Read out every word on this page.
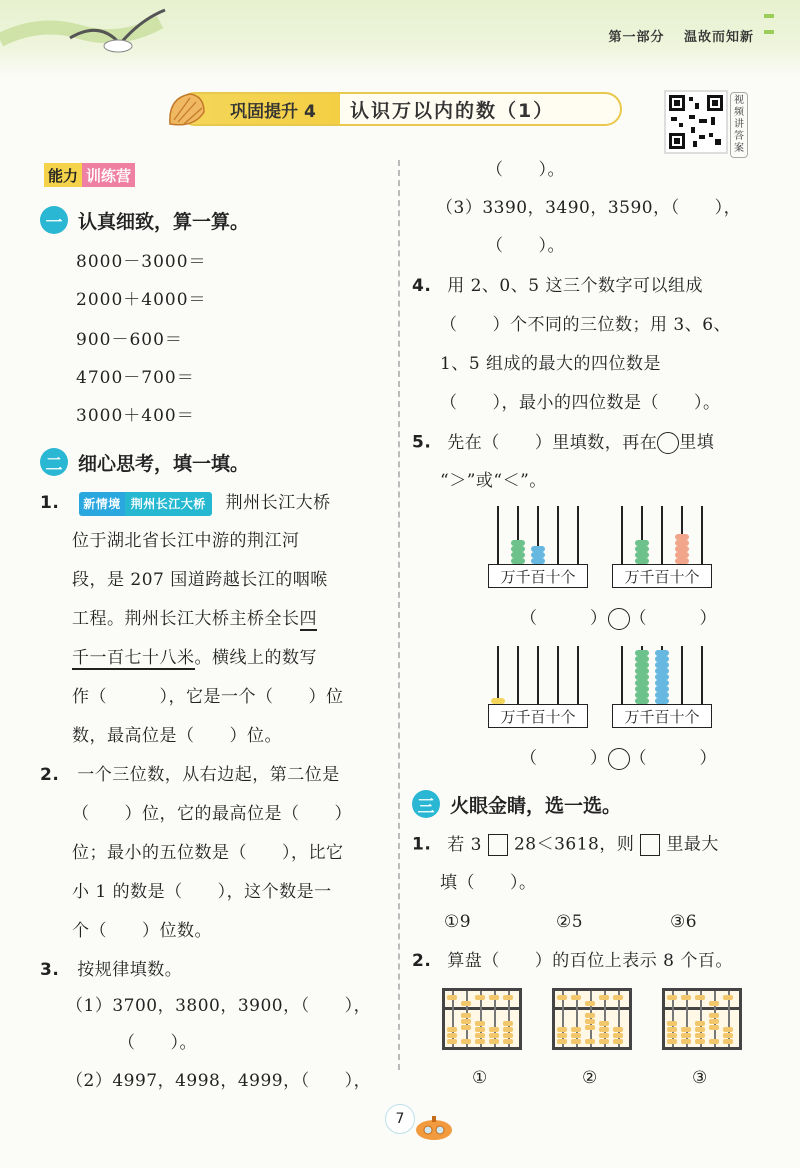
第一部分 温故而知新
巩固提升 4	认识万以内的数（1）	视频讲答案
能力 训练营
一 认真细致，算一算。
8000－3000＝
2000＋4000＝
900－600＝
4700－700＝
3000＋400＝
二 细心思考，填一填。
1. 新情境 荆州长江大桥 荆州长江大桥
位于湖北省长江中游的荆江河
段，是 207 国道跨越长江的咽喉
工程。荆州长江大桥主桥全长四
千一百七十八米。横线上的数写
作（　　　），它是一个（　　）位
数，最高位是（　　）位。
2. 一个三位数，从右边起，第二位是
（　　）位，它的最高位是（　　）
位；最小的五位数是（　　），比它
小 1 的数是（　　），这个数是一
个（　　）位数。
3. 按规律填数。
（1）3700，3800，3900，（　　），
（　　）。
（2）4997，4998，4999，（　　），
（　　）。
（3）3390，3490，3590，（　　），
（　　）。
4. 用 2、0、5 这三个数字可以组成
（　　）个不同的三位数；用 3、6、
1、5 组成的最大的四位数是
（　　），最小的四位数是（　　）。
5. 先在（　　）里填数，再在 里填
“＞”或“＜”。
万千百十个	万千百十个
（　　　） （　　　）
万千百十个	万千百十个
（　　　） （　　　）
三 火眼金睛，选一选。
1. 若 3 28＜3618，则 里最大
填（　　）。
①9	②5	③6
2. 算盘（　　）的百位上表示 8 个百。
①	②	③
7
